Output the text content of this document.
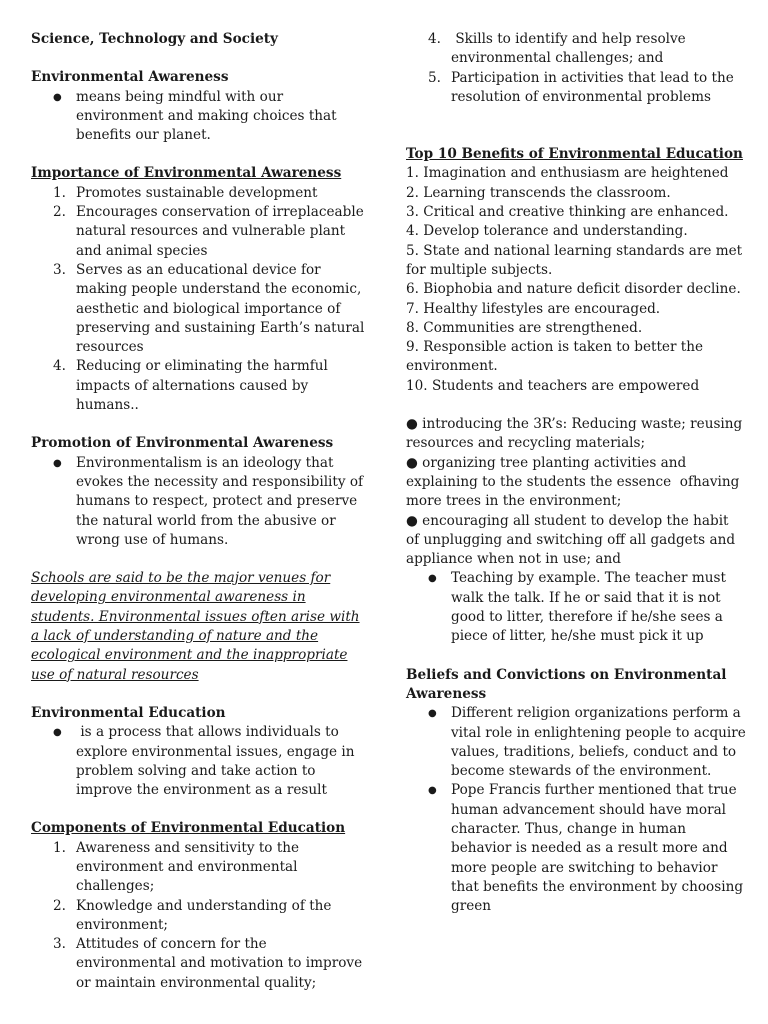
Science, Technology and Society

Environmental Awareness

● means being mindful with our environment and making choices that benefits our planet.

Importance of Environmental Awareness

1. Promotes sustainable development
2. Encourages conservation of irreplaceable natural resources and vulnerable plant and animal species
3. Serves as an educational device for making people understand the economic, aesthetic and biological importance of preserving and sustaining Earth’s natural resources
4. Reducing or eliminating the harmful impacts of alternations caused by humans..

Promotion of Environmental Awareness

● Environmentalism is an ideology that evokes the necessity and responsibility of humans to respect, protect and preserve the natural world from the abusive or wrong use of humans.

Schools are said to be the major venues for developing environmental awareness in students. Environmental issues often arise with a lack of understanding of nature and the ecological environment and the inappropriate use of natural resources

Environmental Education

●  is a process that allows individuals to explore environmental issues, engage in problem solving and take action to improve the environment as a result

Components of Environmental Education

1. Awareness and sensitivity to the environment and environmental challenges;
2. Knowledge and understanding of the environment;
3. Attitudes of concern for the environmental and motivation to improve or maintain environmental quality;
4. Skills to identify and help resolve environmental challenges; and
5. Participation in activities that lead to the resolution of environmental problems

Top 10 Benefits of Environmental Education

1. Imagination and enthusiasm are heightened

2. Learning transcends the classroom.

3. Critical and creative thinking are enhanced.

4. Develop tolerance and understanding.

5. State and national learning standards are met for multiple subjects.

6. Biophobia and nature deficit disorder decline.

7. Healthy lifestyles are encouraged.

8. Communities are strengthened.

9. Responsible action is taken to better the environment.

10. Students and teachers are empowered

● introducing the 3R’s: Reducing waste; reusing resources and recycling materials;

● organizing tree planting activities and explaining to the students the essence  ofhaving more trees in the environment;

● encouraging all student to develop the habit of unplugging and switching off all gadgets and appliance when not in use; and

● Teaching by example. The teacher must walk the talk. If he or said that it is not good to litter, therefore if he/she sees a piece of litter, he/she must pick it up

Beliefs and Convictions on Environmental Awareness

● Different religion organizations perform a vital role in enlightening people to acquire values, traditions, beliefs, conduct and to become stewards of the environment.

● Pope Francis further mentioned that true human advancement should have moral character. Thus, change in human behavior is needed as a result more and more people are switching to behavior that benefits the environment by choosing green
